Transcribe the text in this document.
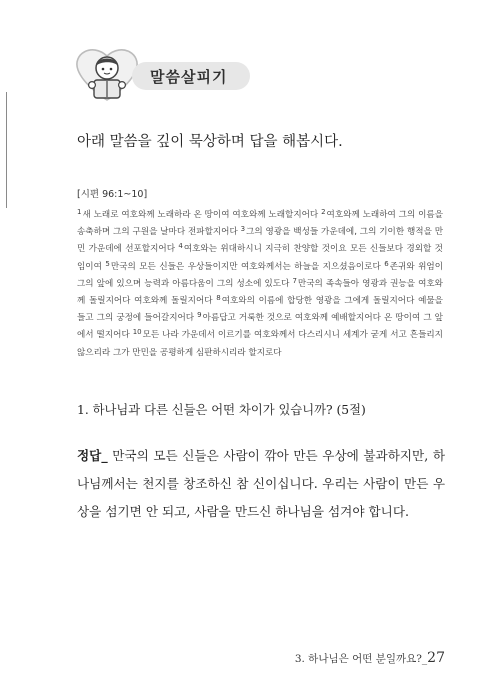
말씀살피기
아래 말씀을 깊이 묵상하며 답을 해봅시다.
[시편 96:1~10]
$^1$새 노래로 여호와께 노래하라 온 땅이여 여호와께 노래할지어다 $^2$여호와께 노래하여 그의 이름을 송축하며 그의 구원을 날마다 전파할지어다 $^3$그의 영광을 백성들 가운데에, 그의 기이한 행적을 만민 가운데에 선포할지어다 $^4$여호와는 위대하시니 지극히 찬양할 것이요 모든 신들보다 경외할 것임이여 $^5$만국의 모든 신들은 우상들이지만 여호와께서는 하늘을 지으셨음이로다 $^6$존귀와 위엄이 그의 앞에 있으며 능력과 아름다움이 그의 성소에 있도다 $^7$만국의 족속들아 영광과 권능을 여호와께 돌릴지어다 여호와께 돌릴지어다 $^8$여호와의 이름에 합당한 영광을 그에게 돌릴지어다 예물을 들고 그의 궁정에 들어갈지어다 $^9$아름답고 거룩한 것으로 여호와께 예배할지어다 온 땅이여 그 앞에서 떨지어다 $^{10}$모든 나라 가운데서 이르기를 여호와께서 다스리시니 세계가 굳게 서고 흔들리지 않으리라 그가 만민을 공평하게 심판하시리라 할지로다
1. 하나님과 다른 신들은 어떤 차이가 있습니까? (5절)
정답_ 만국의 모든 신들은 사람이 깎아 만든 우상에 불과하지만, 하나님께서는 천지를 창조하신 참 신이십니다. 우리는 사람이 만든 우상을 섬기면 안 되고, 사람을 만드신 하나님을 섬겨야 합니다.
3. 하나님은 어떤 분일까요?_27
